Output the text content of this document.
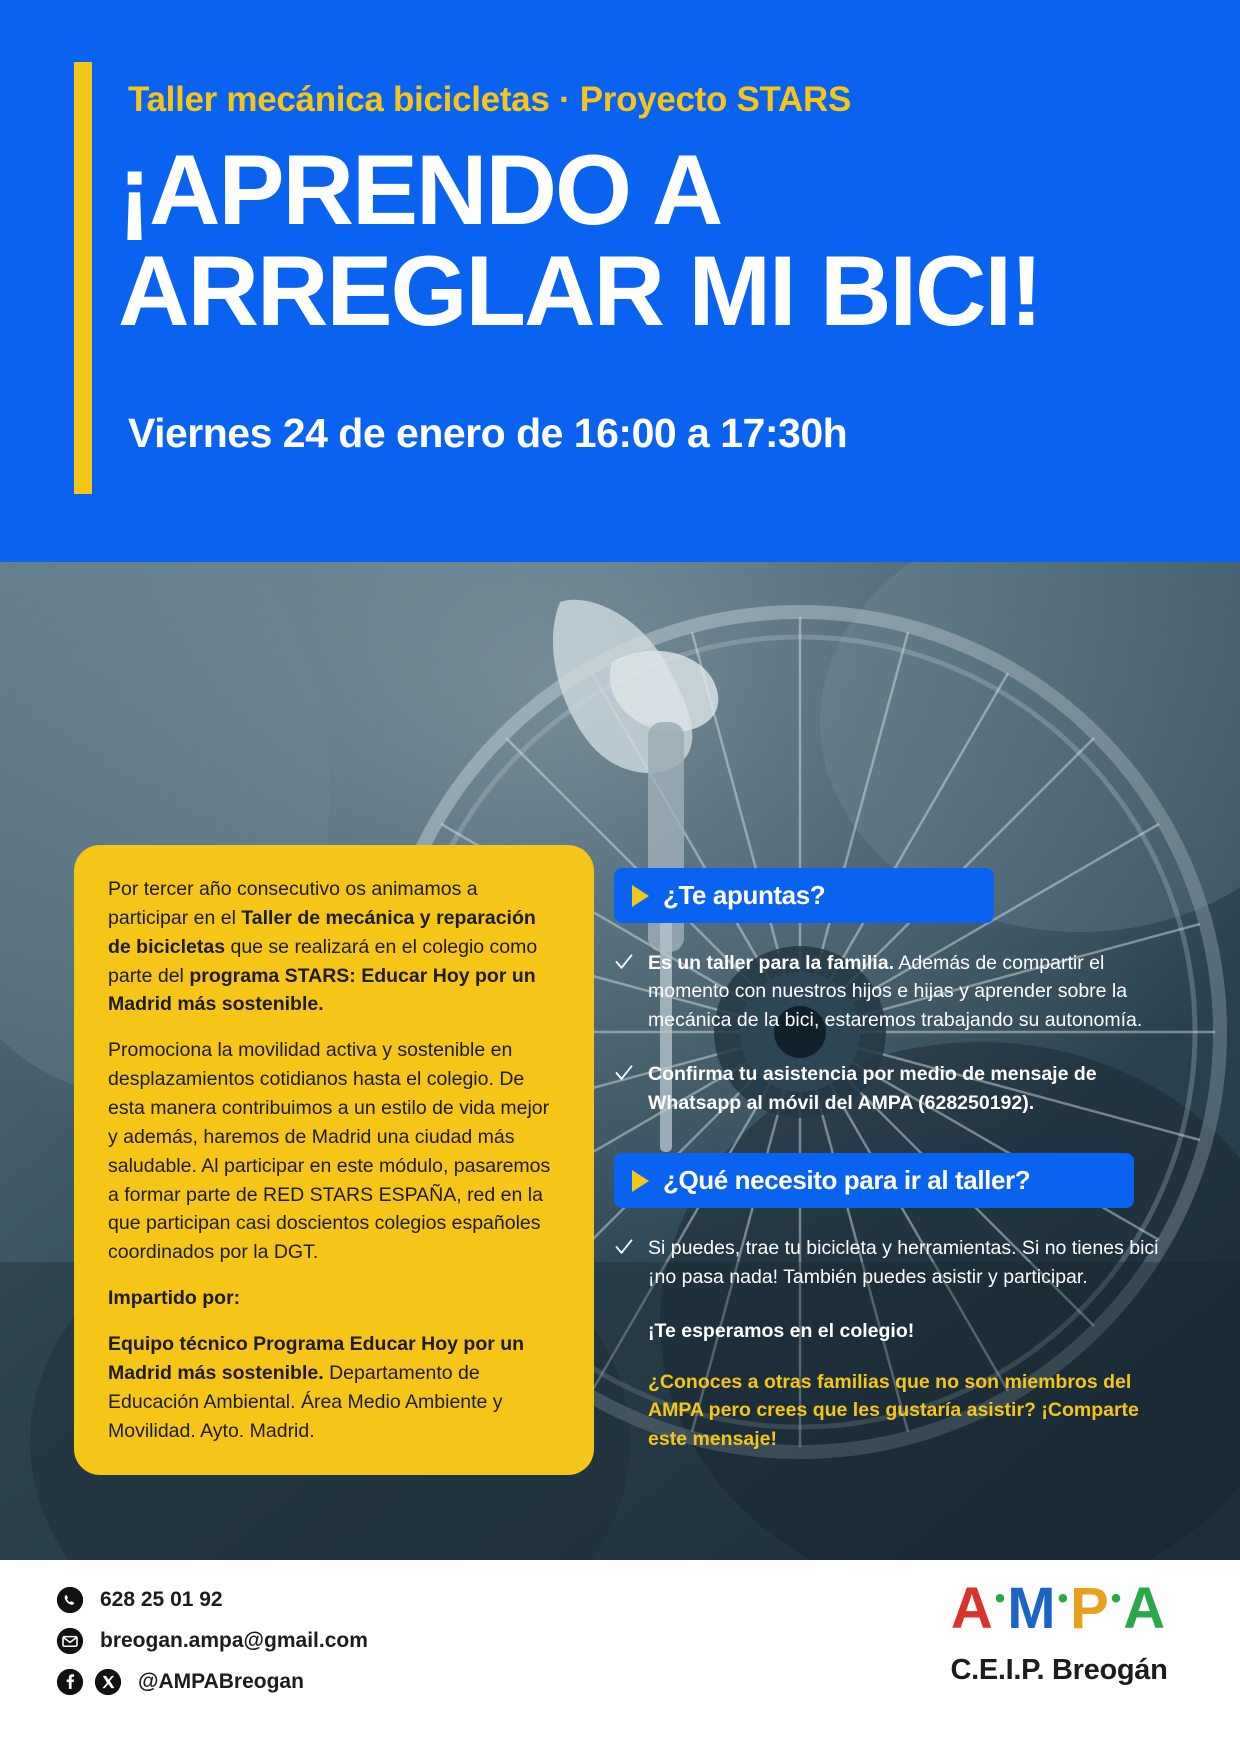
Taller mecánica bicicletas · Proyecto STARS
¡APRENDO A
ARREGLAR MI BICI!
Viernes 24 de enero de 16:00 a 17:30h

Por tercer año consecutivo os animamos a participar en el Taller de mecánica y reparación de bicicletas que se realizará en el colegio como parte del programa STARS: Educar Hoy por un Madrid más sostenible.

Promociona la movilidad activa y sostenible en desplazamientos cotidianos hasta el colegio. De esta manera contribuimos a un estilo de vida mejor y además, haremos de Madrid una ciudad más saludable. Al participar en este módulo, pasaremos a formar parte de RED STARS ESPAÑA, red en la que participan casi doscientos colegios españoles coordinados por la DGT.

Impartido por:

Equipo técnico Programa Educar Hoy por un Madrid más sostenible. Departamento de Educación Ambiental. Área Medio Ambiente y Movilidad. Ayto. Madrid.

¿Te apuntas?
Es un taller para la familia. Además de compartir el momento con nuestros hijos e hijas y aprender sobre la mecánica de la bici, estaremos trabajando su autonomía.
Confirma tu asistencia por medio de mensaje de Whatsapp al móvil del AMPA (628250192).
¿Qué necesito para ir al taller?
Si puedes, trae tu bicicleta y herramientas. Si no tienes bici ¡no pasa nada! También puedes asistir y participar.
¡Te esperamos en el colegio!
¿Conoces a otras familias que no son miembros del AMPA pero crees que les gustaría asistir? ¡Comparte este mensaje!
628 25 01 92
breogan.ampa@gmail.com
@AMPABreogan
A•M•P•A
C.E.I.P. Breogán
